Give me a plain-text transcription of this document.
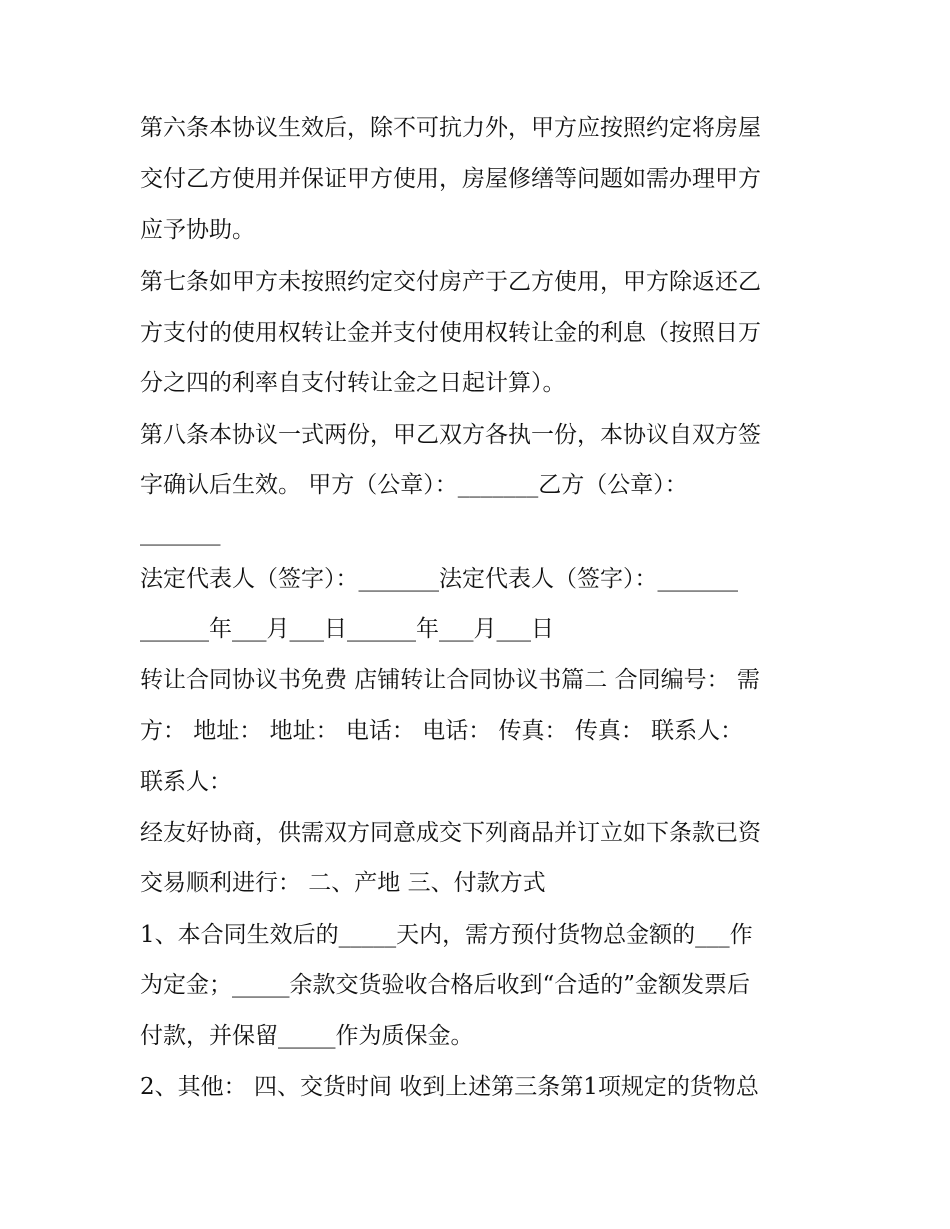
第六条本协议生效后，除不可抗力外，甲方应按照约定将房屋
交付乙方使用并保证甲方使用，房屋修缮等问题如需办理甲方
应予协助。
第七条如甲方未按照约定交付房产于乙方使用，甲方除返还乙
方支付的使用权转让金并支付使用权转让金的利息（按照日万
分之四的利率自支付转让金之日起计算）。
第八条本协议一式两份，甲乙双方各执一份，本协议自双方签
字确认后生效。 甲方（公章）：_______乙方（公章）：
_______
法定代表人（签字）：_______法定代表人（签字）：_______
______年___月___日______年___月___日
转让合同协议书免费 店铺转让合同协议书篇二 合同编号： 需
方： 地址： 地址： 电话： 电话： 传真： 传真： 联系人：
联系人：
经友好协商，供需双方同意成交下列商品并订立如下条款已资
交易顺利进行： 二、产地 三、付款方式
1、本合同生效后的_____天内，需方预付货物总金额的___作
为定金；_____余款交货验收合格后收到“合适的”金额发票后
付款，并保留_____作为质保金。
2、其他： 四、交货时间 收到上述第三条第1项规定的货物总
